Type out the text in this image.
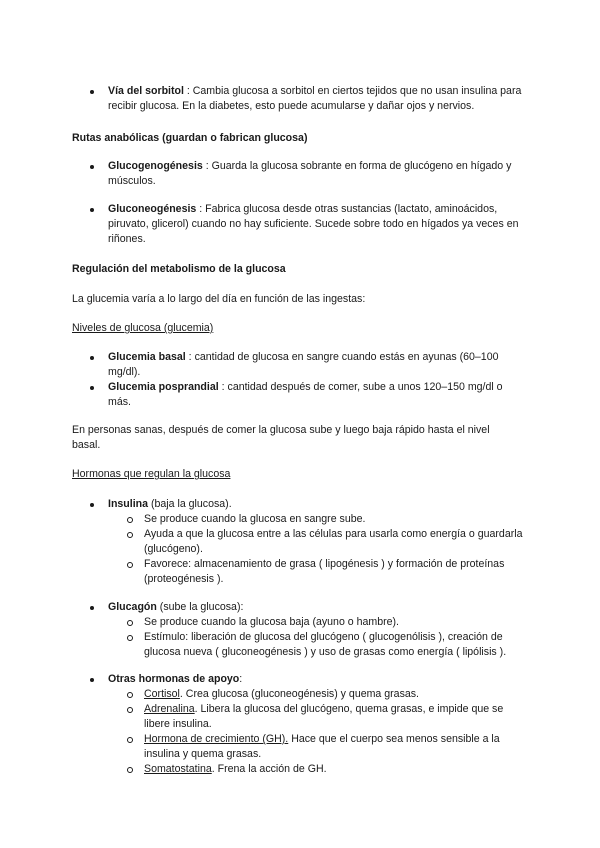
Vía del sorbitol : Cambia glucosa a sorbitol en ciertos tejidos que no usan insulina para recibir glucosa. En la diabetes, esto puede acumularse y dañar ojos y nervios.

Rutas anabólicas (guardan o fabrican glucosa)

Glucogenogénesis : Guarda la glucosa sobrante en forma de glucógeno en hígado y músculos.
Gluconeogénesis : Fabrica glucosa desde otras sustancias (lactato, aminoácidos, piruvato, glicerol) cuando no hay suficiente. Sucede sobre todo en hígados ya veces en riñones.

Regulación del metabolismo de la glucosa

La glucemia varía a lo largo del día en función de las ingestas:

Niveles de glucosa (glucemia)

Glucemia basal : cantidad de glucosa en sangre cuando estás en ayunas (60–100 mg/dl).
Glucemia posprandial : cantidad después de comer, sube a unos 120–150 mg/dl o más.

En personas sanas, después de comer la glucosa sube y luego baja rápido hasta el nivel basal.

Hormonas que regulan la glucosa

Insulina (baja la glucosa).
Se produce cuando la glucosa en sangre sube.
Ayuda a que la glucosa entre a las células para usarla como energía o guardarla (glucógeno).
Favorece: almacenamiento de grasa ( lipogénesis ) y formación de proteínas (proteogénesis ).
Glucagón (sube la glucosa):
Se produce cuando la glucosa baja (ayuno o hambre).
Estímulo: liberación de glucosa del glucógeno ( glucogenólisis ), creación de glucosa nueva ( gluconeogénesis ) y uso de grasas como energía ( lipólisis ).
Otras hormonas de apoyo:
Cortisol. Crea glucosa (gluconeogénesis) y quema grasas.
Adrenalina. Libera la glucosa del glucógeno, quema grasas, e impide que se libere insulina.
Hormona de crecimiento (GH). Hace que el cuerpo sea menos sensible a la insulina y quema grasas.
Somatostatina. Frena la acción de GH.
